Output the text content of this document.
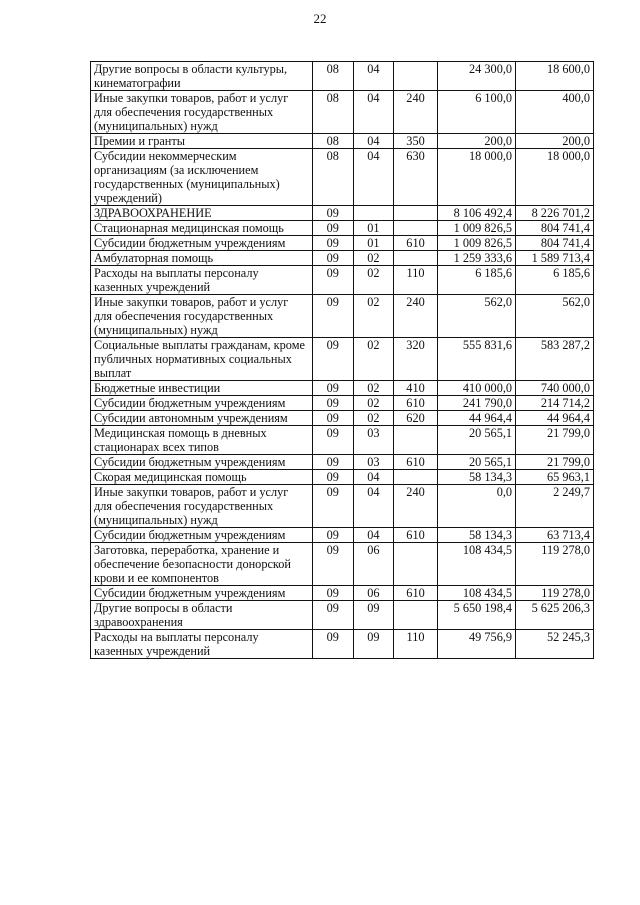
22
Другие вопросы в области культуры, кинематографии	08	04		24 300,0	18 600,0
Иные закупки товаров, работ и услуг для обеспечения государственных (муниципальных) нужд	08	04	240	6 100,0	400,0
Премии и гранты	08	04	350	200,0	200,0
Субсидии некоммерческим организациям (за исключением государственных (муниципальных) учреждений)	08	04	630	18 000,0	18 000,0
ЗДРАВООХРАНЕНИЕ	09			8 106 492,4	8 226 701,2
Стационарная медицинская помощь	09	01		1 009 826,5	804 741,4
Субсидии бюджетным учреждениям	09	01	610	1 009 826,5	804 741,4
Амбулаторная помощь	09	02		1 259 333,6	1 589 713,4
Расходы на выплаты персоналу казенных учреждений	09	02	110	6 185,6	6 185,6
Иные закупки товаров, работ и услуг для обеспечения государственных (муниципальных) нужд	09	02	240	562,0	562,0
Социальные выплаты гражданам, кроме публичных нормативных социальных выплат	09	02	320	555 831,6	583 287,2
Бюджетные инвестиции	09	02	410	410 000,0	740 000,0
Субсидии бюджетным учреждениям	09	02	610	241 790,0	214 714,2
Субсидии автономным учреждениям	09	02	620	44 964,4	44 964,4
Медицинская помощь в дневных стационарах всех типов	09	03		20 565,1	21 799,0
Субсидии бюджетным учреждениям	09	03	610	20 565,1	21 799,0
Скорая медицинская помощь	09	04		58 134,3	65 963,1
Иные закупки товаров, работ и услуг для обеспечения государственных (муниципальных) нужд	09	04	240	0,0	2 249,7
Субсидии бюджетным учреждениям	09	04	610	58 134,3	63 713,4
Заготовка, переработка, хранение и обеспечение безопасности донорской крови и ее компонентов	09	06		108 434,5	119 278,0
Субсидии бюджетным учреждениям	09	06	610	108 434,5	119 278,0
Другие вопросы в области здравоохранения	09	09		5 650 198,4	5 625 206,3
Расходы на выплаты персоналу казенных учреждений	09	09	110	49 756,9	52 245,3
